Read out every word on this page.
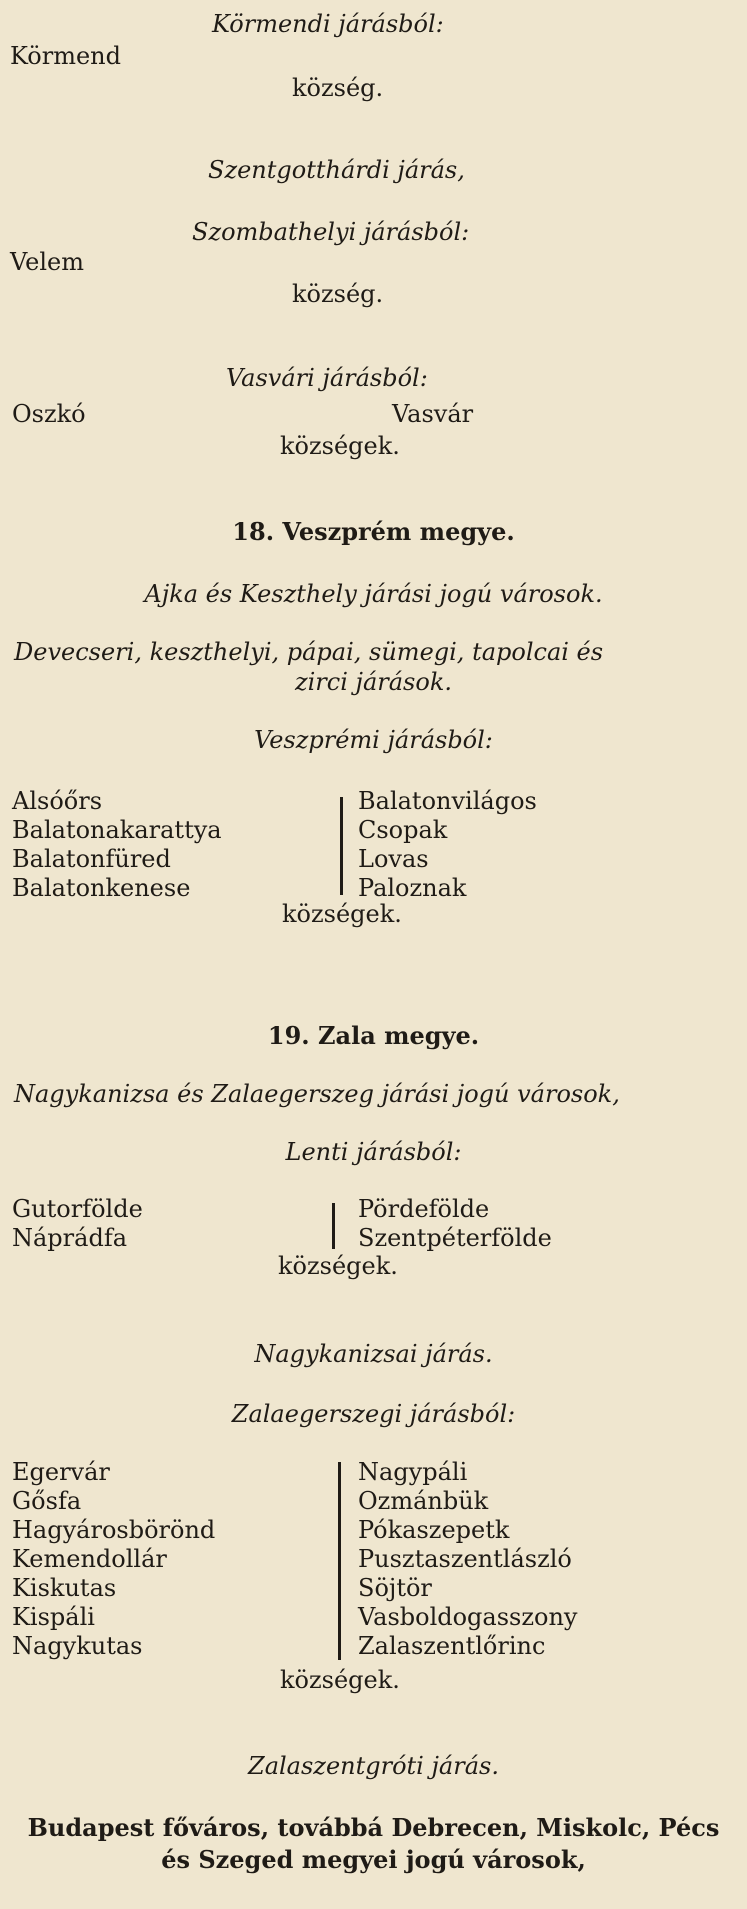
Körmendi járásból:
Körmend
község.
Szentgotthárdi járás,
Szombathelyi járásból:
Velem
község.
Vasvári járásból:
Oszkó	Vasvár
községek.
18. Veszprém megye.
Ajka és Keszthely járási jogú városok.
Devecseri, keszthelyi, pápai, sümegi, tapolcai és
zirci járások.
Veszprémi járásból:
Alsóőrs
Balatonakarattya
Balatonfüred
Balatonkenese
Balatonvilágos
Csopak
Lovas
Paloznak
községek.
19. Zala megye.
Nagykanizsa és Zalaegerszeg járási jogú városok,
Lenti járásból:
Gutorfölde
Náprádfa
Pördefölde
Szentpéterfölde
községek.
Nagykanizsai járás.
Zalaegerszegi járásból:
Egervár
Gősfa
Hagyárosbörönd
Kemendollár
Kiskutas
Kispáli
Nagykutas
Nagypáli
Ozmánbük
Pókaszepetk
Pusztaszentlászló
Söjtör
Vasboldogasszony
Zalaszentlőrinc
községek.
Zalaszentgróti járás.
Budapest főváros, továbbá Debrecen, Miskolc, Pécs
és Szeged megyei jogú városok,
